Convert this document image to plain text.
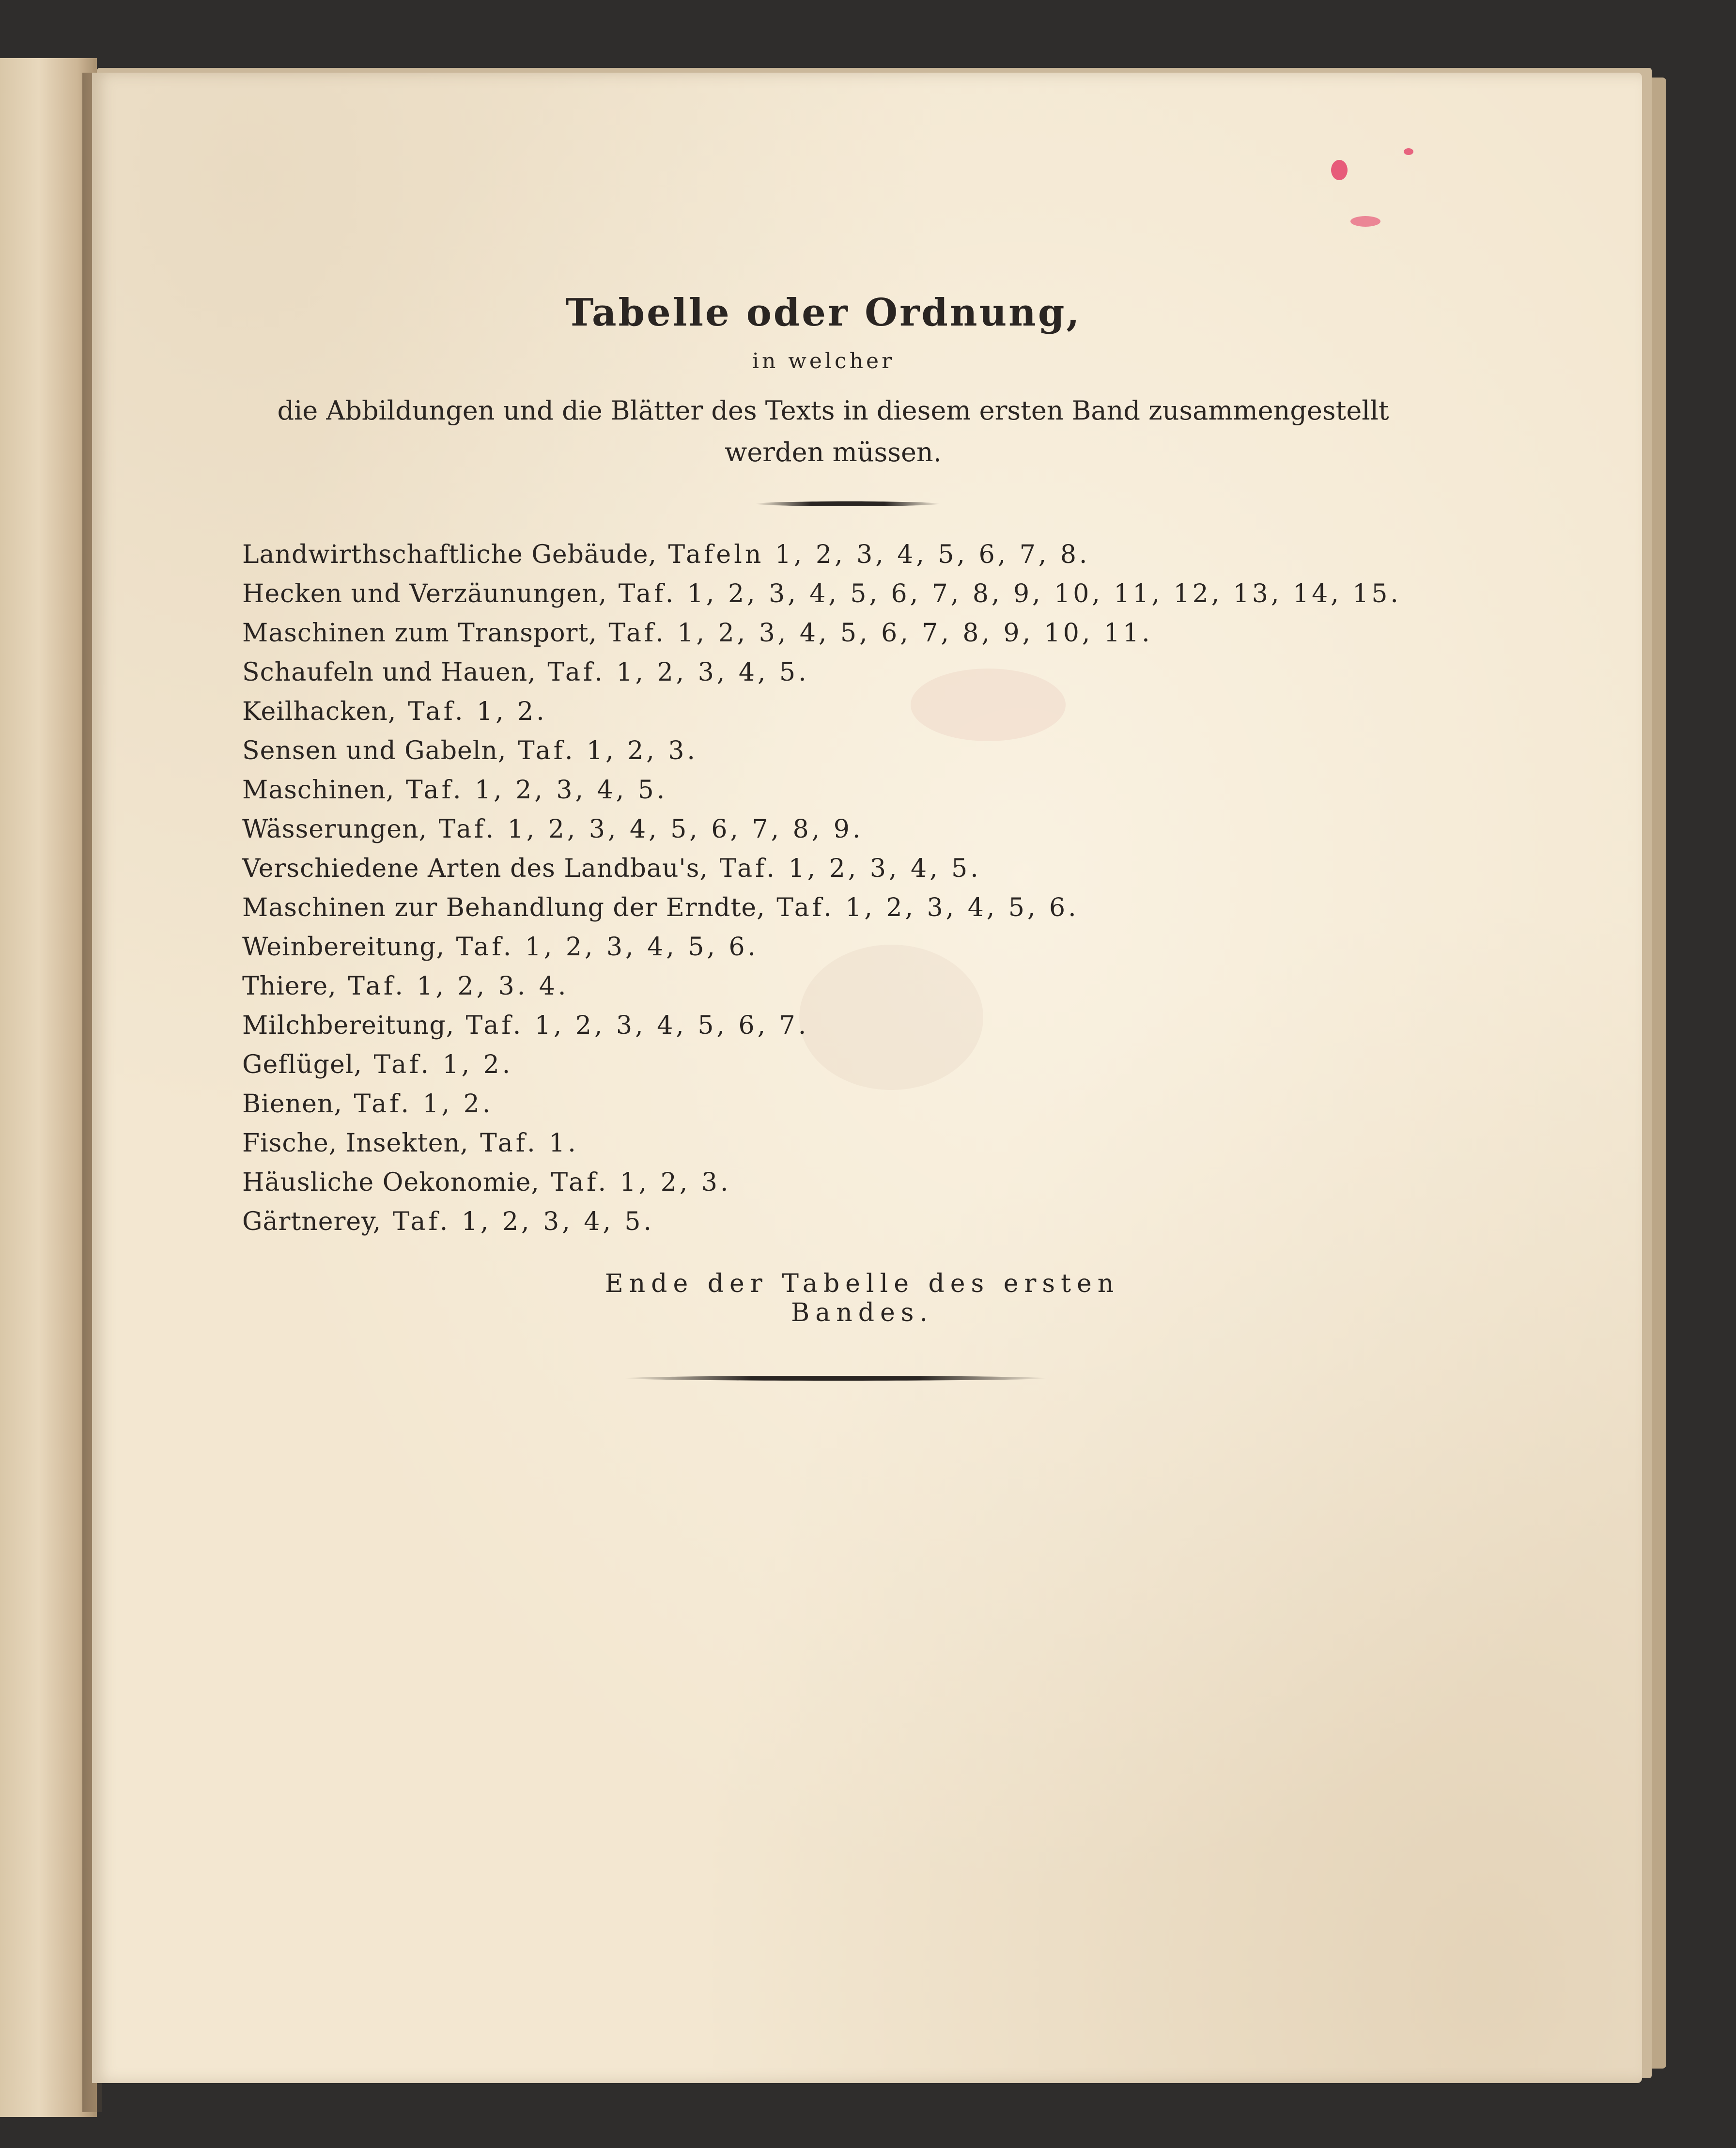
Tabelle oder Ordnung,
in welcher
die Abbildungen und die Blätter des Texts in diesem ersten Band zusammengestellt werden müssen.
Landwirthschaftliche Gebäude, Tafeln 1, 2, 3, 4, 5, 6, 7, 8.
Hecken und Verzäunungen, Taf. 1, 2, 3, 4, 5, 6, 7, 8, 9, 10, 11, 12, 13, 14, 15.
Maschinen zum Transport, Taf. 1, 2, 3, 4, 5, 6, 7, 8, 9, 10, 11.
Schaufeln und Hauen, Taf. 1, 2, 3, 4, 5.
Keilhacken, Taf. 1, 2.
Sensen und Gabeln, Taf. 1, 2, 3.
Maschinen, Taf. 1, 2, 3, 4, 5.
Wässerungen, Taf. 1, 2, 3, 4, 5, 6, 7, 8, 9.
Verschiedene Arten des Landbau's, Taf. 1, 2, 3, 4, 5.
Maschinen zur Behandlung der Erndte, Taf. 1, 2, 3, 4, 5, 6.
Weinbereitung, Taf. 1, 2, 3, 4, 5, 6.
Thiere, Taf. 1, 2, 3. 4.
Milchbereitung, Taf. 1, 2, 3, 4, 5, 6, 7.
Geflügel, Taf. 1, 2.
Bienen, Taf. 1, 2.
Fische, Insekten, Taf. 1.
Häusliche Oekonomie, Taf. 1, 2, 3.
Gärtnerey, Taf. 1, 2, 3, 4, 5.
Ende der Tabelle des ersten Bandes.
